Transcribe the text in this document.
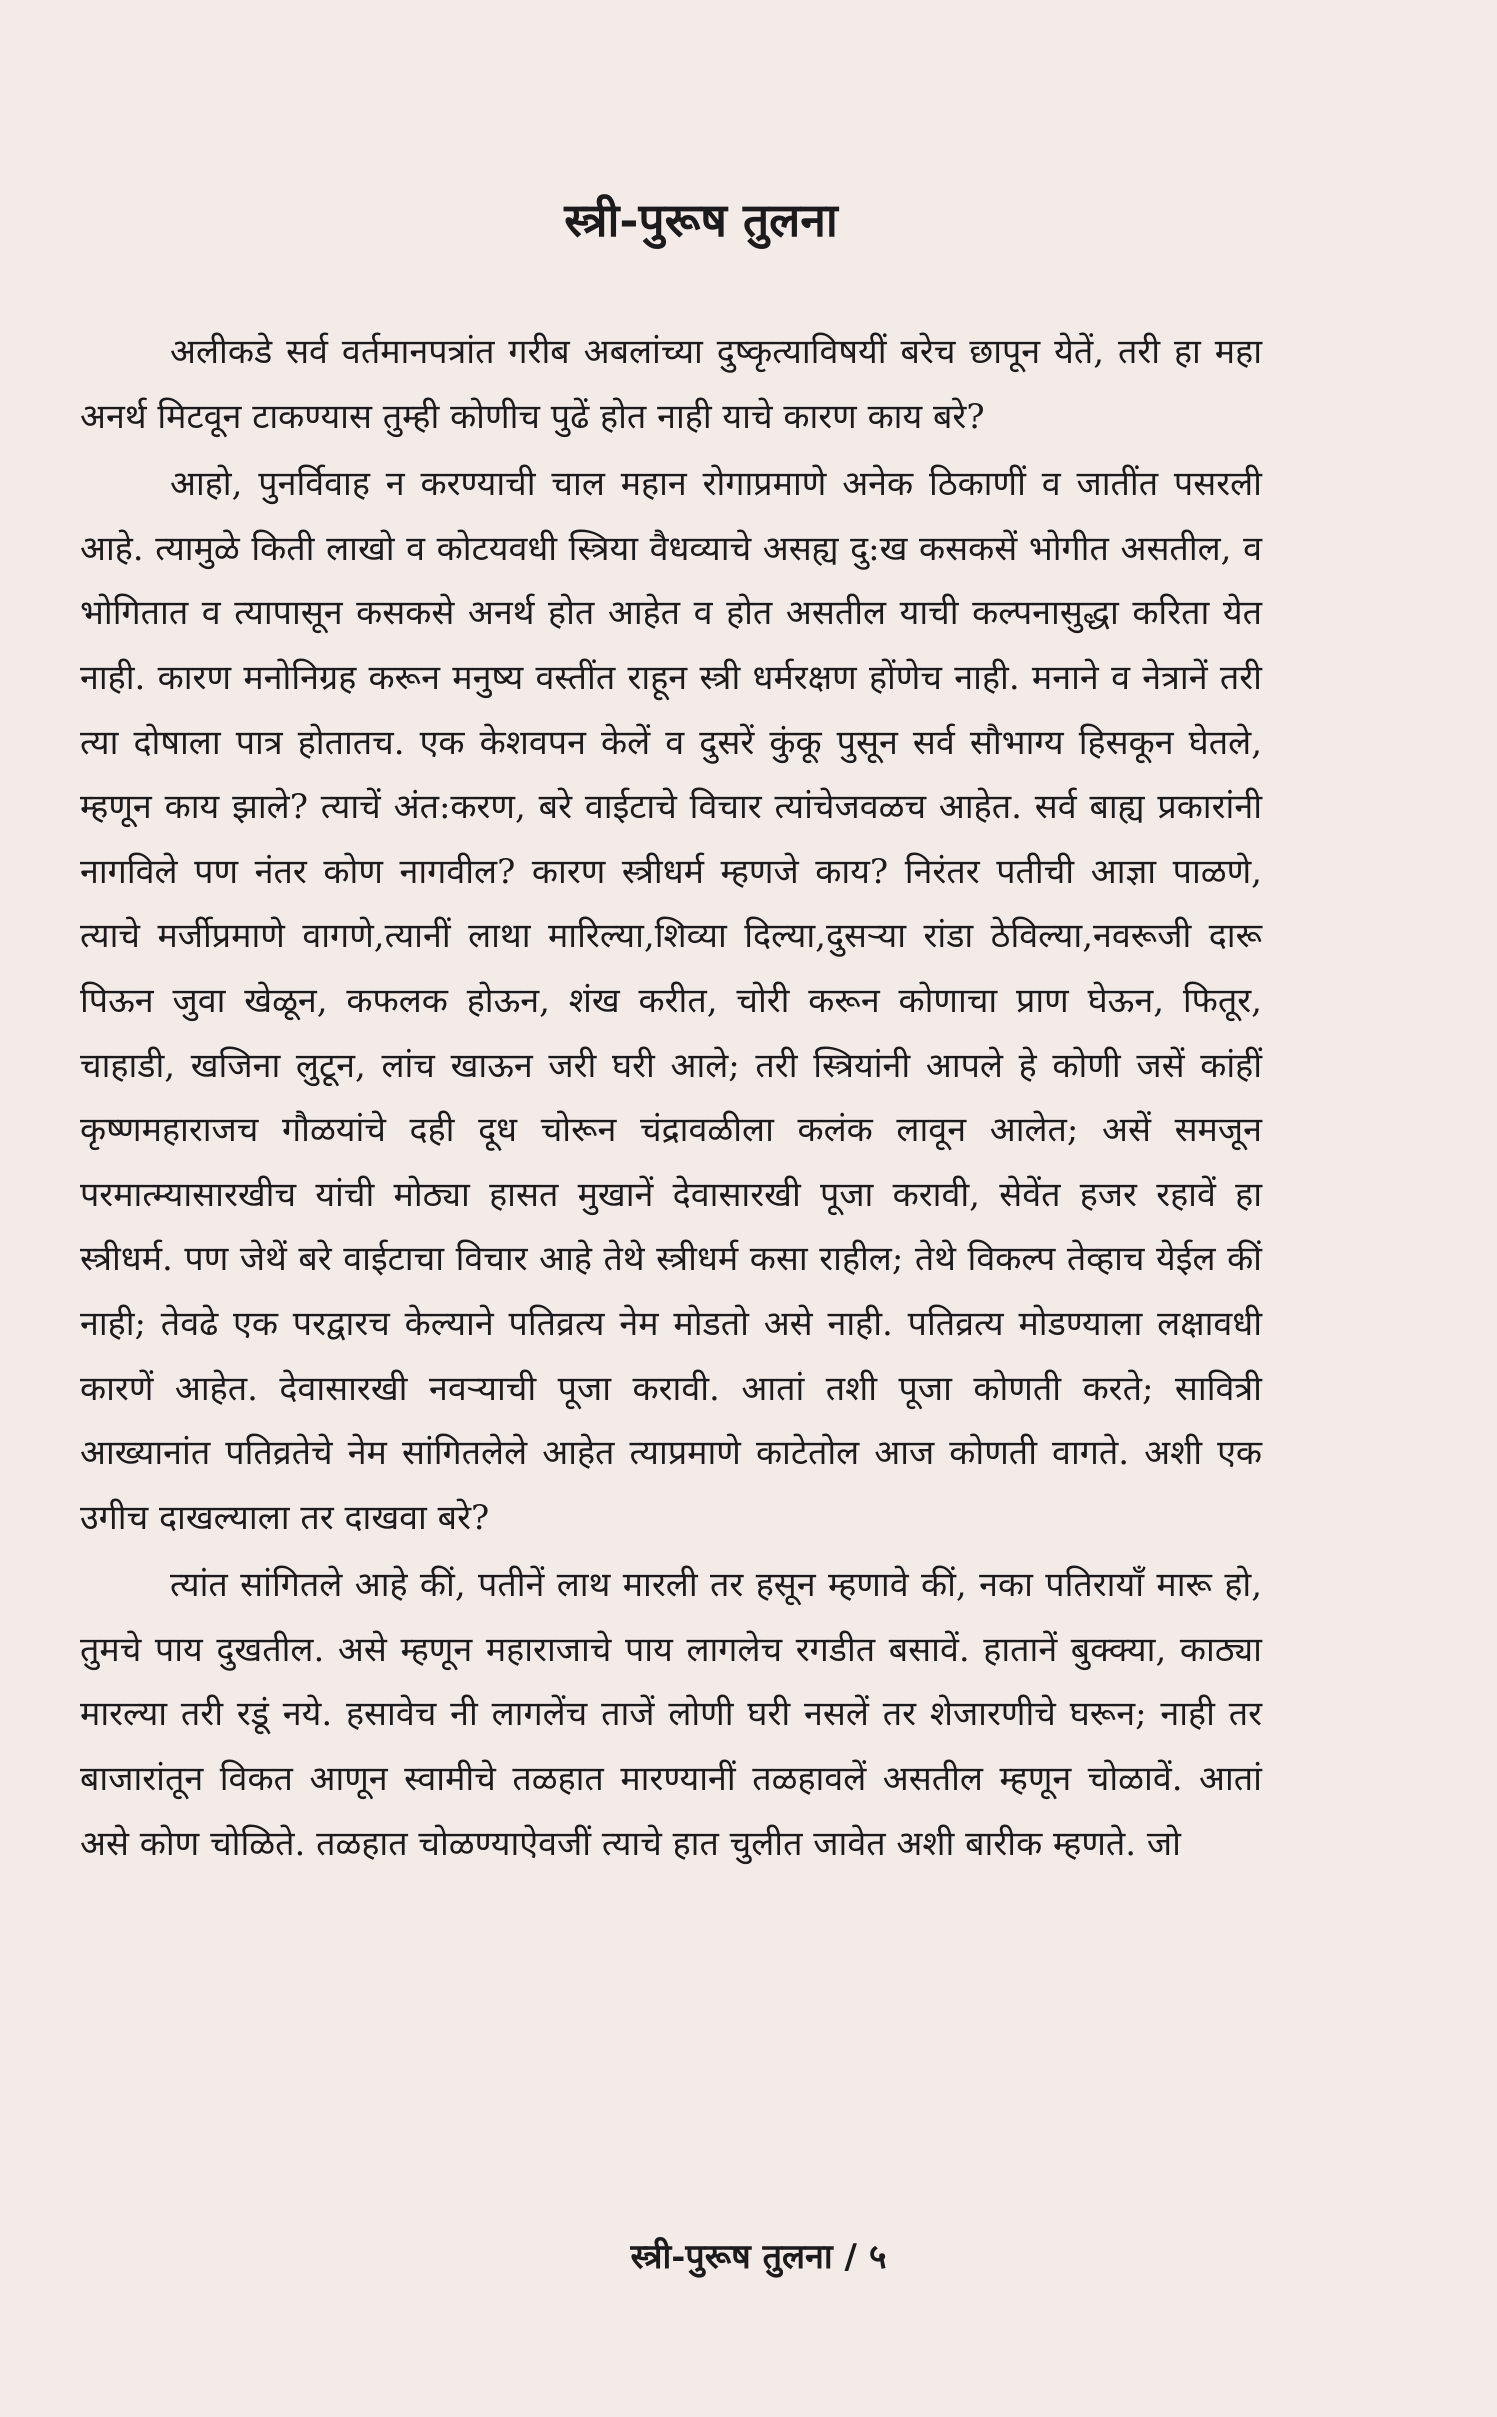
स्त्री-पुरूष तुलना

अलीकडे सर्व वर्तमानपत्रांत गरीब अबलांच्या दुष्कृत्याविषयीं बरेच छापून येतें, तरी हा महा अनर्थ मिटवून टाकण्यास तुम्ही कोणीच पुढें होत नाही याचे कारण काय बरे?

आहो, पुनर्विवाह न करण्याची चाल महान रोगाप्रमाणे अनेक ठिकाणीं व जातींत पसरली आहे. त्यामुळे किती लाखो व कोटयवधी स्त्रिया वैधव्याचे असह्य दु:ख कसकसें भोगीत असतील, व भोगितात व त्यापासून कसकसे अनर्थ होत आहेत व होत असतील याची कल्पनासुद्धा करिता येत नाही. कारण मनोनिग्रह करून मनुष्य वस्तींत राहून स्त्री धर्मरक्षण होंणेच नाही. मनाने व नेत्रानें तरी त्या दोषाला पात्र होतातच. एक केशवपन केलें व दुसरें कुंकू पुसून सर्व सौभाग्य हिसकून घेतले, म्हणून काय झाले? त्याचें अंत:करण, बरे वाईटाचे विचार त्यांचेजवळच आहेत. सर्व बाह्य प्रकारांनी नागविले पण नंतर कोण नागवील? कारण स्त्रीधर्म म्हणजे काय? निरंतर पतीची आज्ञा पाळणे, त्याचे मर्जीप्रमाणे वागणे,त्यानीं लाथा मारिल्या,शिव्या दिल्या,दुसऱ्या रांडा ठेविल्या,नवरूजी दारू पिऊन जुवा खेळून, कफलक होऊन, शंख करीत, चोरी करून कोणाचा प्राण घेऊन, फितूर, चाहाडी, खजिना लुटून, लांच खाऊन जरी घरी आले; तरी स्त्रियांनी आपले हे कोणी जसें कांहीं कृष्णमहाराजच गौळयांचे दही दूध चोरून चंद्रावळीला कलंक लावून आलेत; असें समजून परमात्म्यासारखीच यांची मोठ्या हासत मुखानें देवासारखी पूजा करावी, सेवेंत हजर रहावें हा स्त्रीधर्म. पण जेथें बरे वाईटाचा विचार आहे तेथे स्त्रीधर्म कसा राहील; तेथे विकल्प तेव्हाच येईल कीं नाही; तेवढे एक परद्वारच केल्याने पतिव्रत्य नेम मोडतो असे नाही. पतिव्रत्य मोडण्याला लक्षावधी कारणें आहेत. देवासारखी नवऱ्याची पूजा करावी. आतां तशी पूजा कोणती करते; सावित्री आख्यानांत पतिव्रतेचे नेम सांगितलेले आहेत त्याप्रमाणे काटेतोल आज कोणती वागते. अशी एक उगीच दाखल्याला तर दाखवा बरे?

त्यांत सांगितले आहे कीं, पतीनें लाथ मारली तर हसून म्हणावे कीं, नका पतिरायाँ मारू हो, तुमचे पाय दुखतील. असे म्हणून महाराजाचे पाय लागलेच रगडीत बसावें. हातानें बुक्क्या, काठ्या मारल्या तरी रडूं नये. हसावेच नी लागलेंच ताजें लोणी घरी नसलें तर शेजारणीचे घरून; नाही तर बाजारांतून विकत आणून स्वामीचे तळहात मारण्यानीं तळहावलें असतील म्हणून चोळावें. आतां असे कोण चोळिते. तळहात चोळण्याऐवजीं त्याचे हात चुलीत जावेत अशी बारीक म्हणते. जो

स्त्री-पुरूष तुलना / ५
